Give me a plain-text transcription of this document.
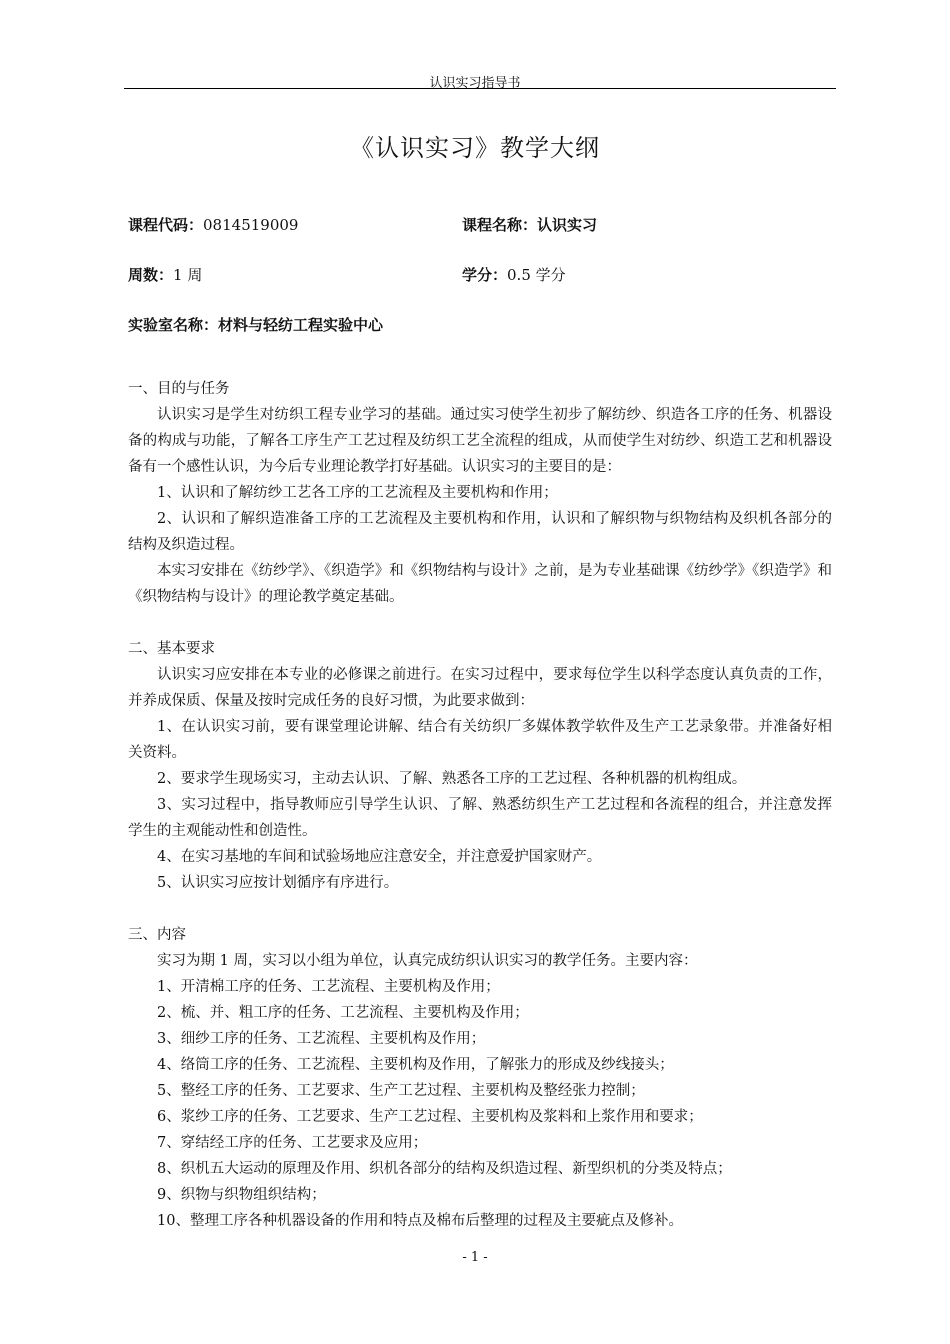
认识实习指导书
《认识实习》教学大纲
课程代码：0814519009	课程名称：认识实习
周数：1 周	学分：0.5 学分
实验室名称：材料与轻纺工程实验中心

一、目的与任务

认识实习是学生对纺织工程专业学习的基础。通过实习使学生初步了解纺纱、织造各工序的任务、机器设备的构成与功能，了解各工序生产工艺过程及纺织工艺全流程的组成，从而使学生对纺纱、织造工艺和机器设备有一个感性认识，为今后专业理论教学打好基础。认识实习的主要目的是：

1、认识和了解纺纱工艺各工序的工艺流程及主要机构和作用；

2、认识和了解织造准备工序的工艺流程及主要机构和作用，认识和了解织物与织物结构及织机各部分的结构及织造过程。

本实习安排在《纺纱学》、《织造学》和《织物结构与设计》之前，是为专业基础课《纺纱学》《织造学》和《织物结构与设计》的理论教学奠定基础。

二、基本要求

认识实习应安排在本专业的必修课之前进行。在实习过程中，要求每位学生以科学态度认真负责的工作，并养成保质、保量及按时完成任务的良好习惯，为此要求做到：

1、在认识实习前，要有课堂理论讲解、结合有关纺织厂多媒体教学软件及生产工艺录象带。并准备好相关资料。

2、要求学生现场实习，主动去认识、了解、熟悉各工序的工艺过程、各种机器的机构组成。

3、实习过程中，指导教师应引导学生认识、了解、熟悉纺织生产工艺过程和各流程的组合，并注意发挥学生的主观能动性和创造性。

4、在实习基地的车间和试验场地应注意安全，并注意爱护国家财产。

5、认识实习应按计划循序有序进行。

三、内容

实习为期 1 周，实习以小组为单位，认真完成纺织认识实习的教学任务。主要内容：

1、开清棉工序的任务、工艺流程、主要机构及作用；

2、梳、并、粗工序的任务、工艺流程、主要机构及作用；

3、细纱工序的任务、工艺流程、主要机构及作用；

4、络筒工序的任务、工艺流程、主要机构及作用，了解张力的形成及纱线接头；

5、整经工序的任务、工艺要求、生产工艺过程、主要机构及整经张力控制；

6、浆纱工序的任务、工艺要求、生产工艺过程、主要机构及浆料和上浆作用和要求；

7、穿结经工序的任务、工艺要求及应用；

8、织机五大运动的原理及作用、织机各部分的结构及织造过程、新型织机的分类及特点；

9、织物与织物组织结构；

10、整理工序各种机器设备的作用和特点及棉布后整理的过程及主要疵点及修补。

- 1 -
